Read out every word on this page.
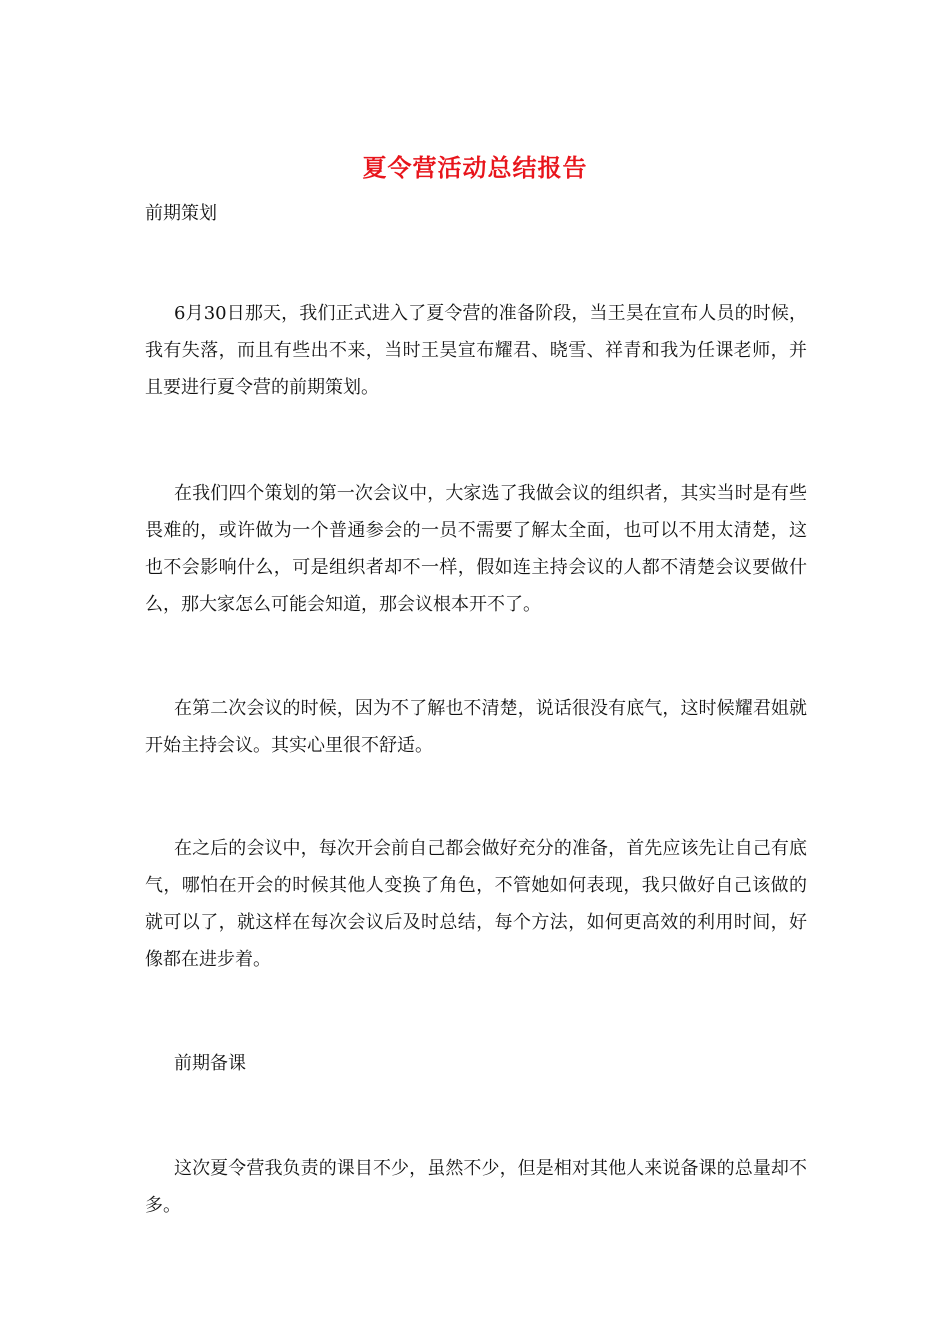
夏令营活动总结报告
前期策划

6月30日那天，我们正式进入了夏令营的准备阶段，当王昊在宣布人员的时候，我有失落，而且有些出不来，当时王昊宣布耀君、晓雪、祥青和我为任课老师，并且要进行夏令营的前期策划。

在我们四个策划的第一次会议中，大家选了我做会议的组织者，其实当时是有些畏难的，或许做为一个普通参会的一员不需要了解太全面，也可以不用太清楚，这也不会影响什么，可是组织者却不一样，假如连主持会议的人都不清楚会议要做什么，那大家怎么可能会知道，那会议根本开不了。

在第二次会议的时候，因为不了解也不清楚，说话很没有底气，这时候耀君姐就开始主持会议。其实心里很不舒适。

在之后的会议中，每次开会前自己都会做好充分的准备，首先应该先让自己有底气，哪怕在开会的时候其他人变换了角色，不管她如何表现，我只做好自己该做的就可以了，就这样在每次会议后及时总结，每个方法，如何更高效的利用时间，好像都在进步着。

前期备课

这次夏令营我负责的课目不少，虽然不少，但是相对其他人来说备课的总量却不多。
